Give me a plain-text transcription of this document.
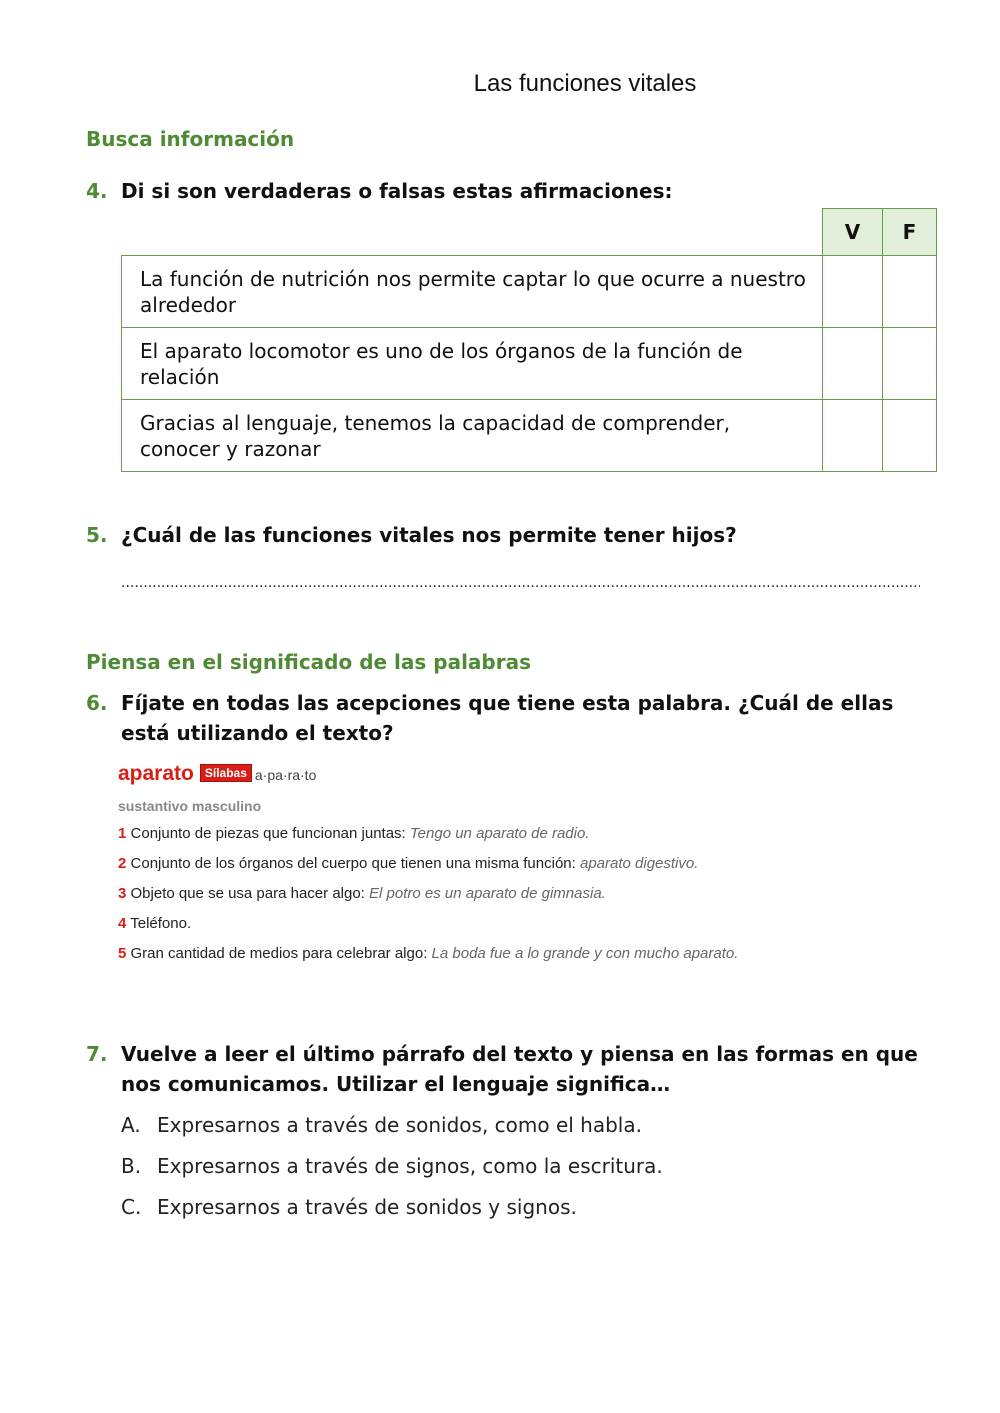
Las funciones vitales
Busca información
4. Di si son verdaderas o falsas estas afirmaciones:
	V	F
La función de nutrición nos permite captar lo que ocurre a nuestro alrededor		
El aparato locomotor es uno de los órganos de la función de relación		
Gracias al lenguaje, tenemos la capacidad de comprender, conocer y razonar		
5. ¿Cuál de las funciones vitales nos permite tener hijos?
.....
Piensa en el significado de las palabras
6. Fíjate en todas las acepciones que tiene esta palabra. ¿Cuál de ellas está utilizando el texto?
aparato Sílabas a·pa·ra·to
sustantivo masculino
1 Conjunto de piezas que funcionan juntas: Tengo un aparato de radio.
2 Conjunto de los órganos del cuerpo que tienen una misma función: aparato digestivo.
3 Objeto que se usa para hacer algo: El potro es un aparato de gimnasia.
4 Teléfono.
5 Gran cantidad de medios para celebrar algo: La boda fue a lo grande y con mucho aparato.
7. Vuelve a leer el último párrafo del texto y piensa en las formas en que nos comunicamos. Utilizar el lenguaje significa…
A. Expresarnos a través de sonidos, como el habla.
B. Expresarnos a través de signos, como la escritura.
C. Expresarnos a través de sonidos y signos.
